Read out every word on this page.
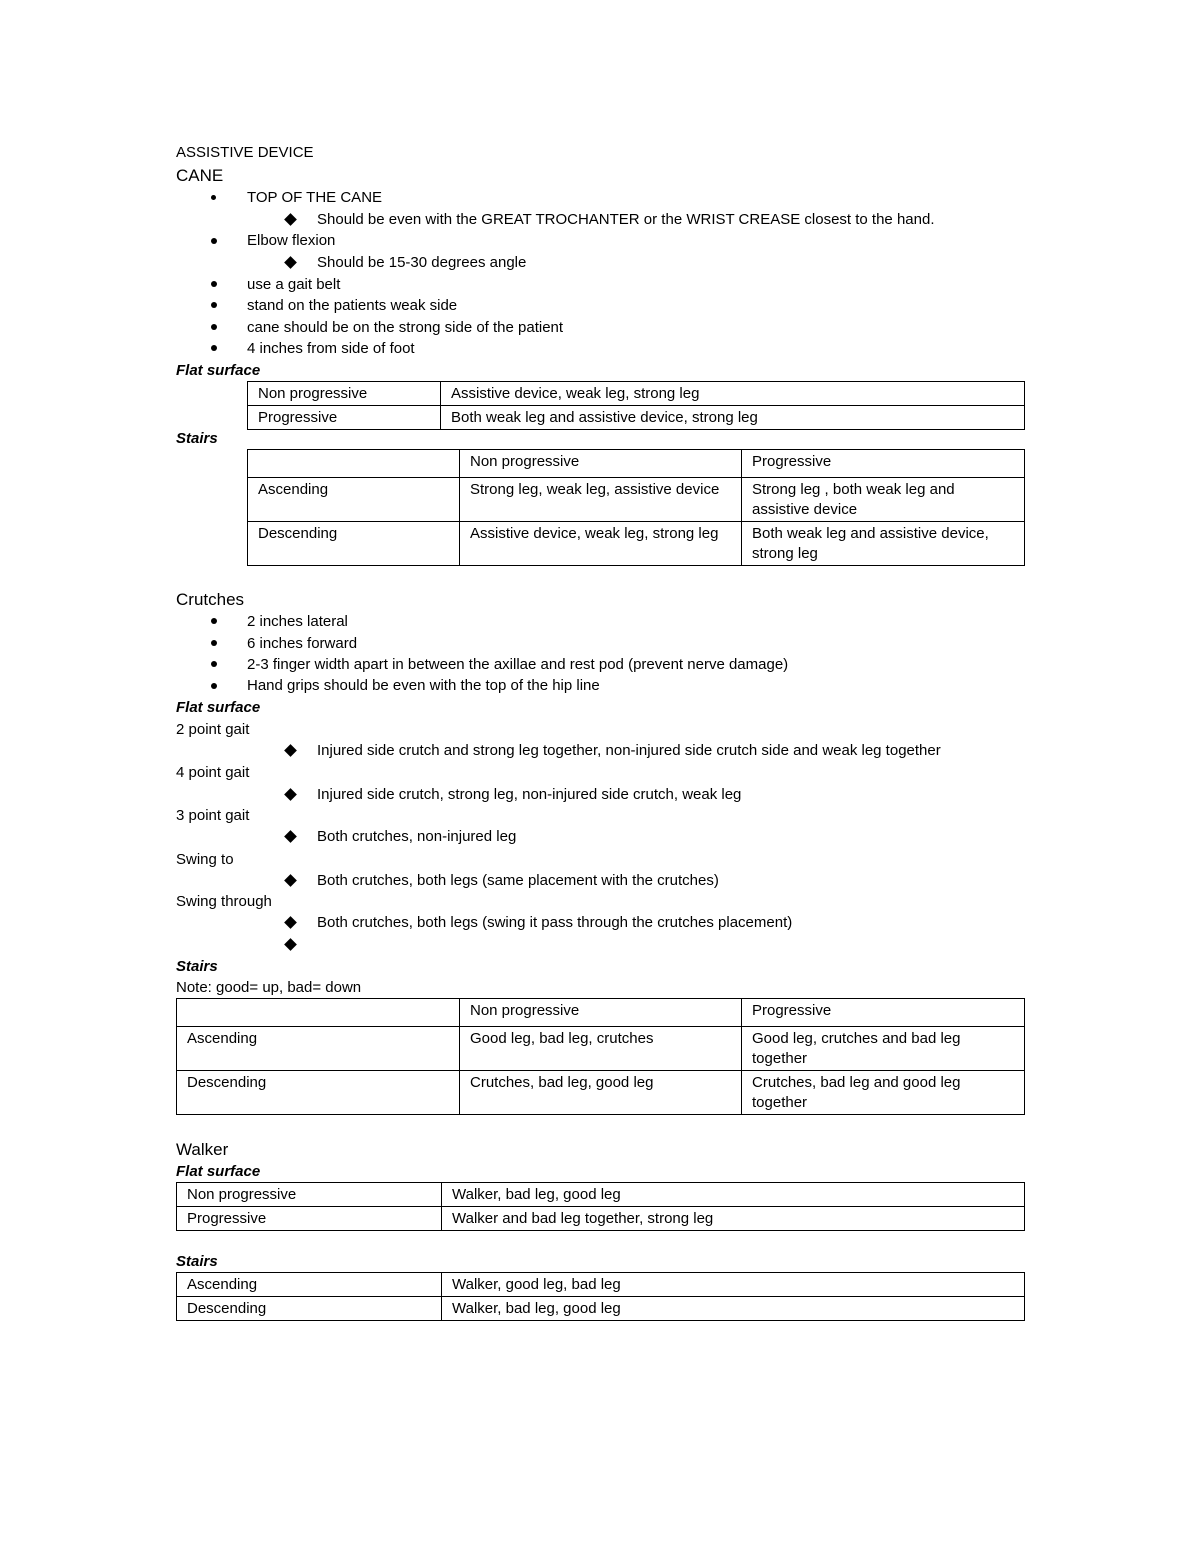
ASSISTIVE DEVICE
CANE
TOP OF THE CANE
Should be even with the GREAT TROCHANTER or the WRIST CREASE closest to the hand.
Elbow flexion
Should be 15-30 degrees angle
use a gait belt
stand on the patients weak side
cane should be on the strong side of the patient
4 inches from side of foot
Flat surface
Non progressive	Assistive device, weak leg, strong leg
Progressive	Both weak leg and assistive device, strong leg
Stairs
	Non progressive	Progressive
Ascending	Strong leg, weak leg, assistive device	Strong leg , both weak leg and assistive device
Descending	Assistive device, weak leg, strong leg	Both weak leg and assistive device, strong leg
Crutches
2 inches lateral
6 inches forward
2-3 finger width apart in between the axillae and rest pod (prevent nerve damage)
Hand grips should be even with the top of the hip line
Flat surface
2 point gait
Injured side crutch and strong leg together, non-injured side crutch side and weak leg together
4 point gait
Injured side crutch, strong leg, non-injured side crutch, weak leg
3 point gait
Both crutches, non-injured leg
Swing to
Both crutches, both legs (same placement with the crutches)
Swing through
Both crutches, both legs (swing it pass through the crutches placement)
Stairs
Note: good= up, bad= down
	Non progressive	Progressive
Ascending	Good leg, bad leg, crutches	Good leg, crutches and bad leg together
Descending	Crutches, bad leg, good leg	Crutches, bad leg and good leg together
Walker
Flat surface
Non progressive	Walker, bad leg, good leg
Progressive	Walker and bad leg together, strong leg
Stairs
Ascending	Walker, good leg, bad leg
Descending	Walker, bad leg, good leg
